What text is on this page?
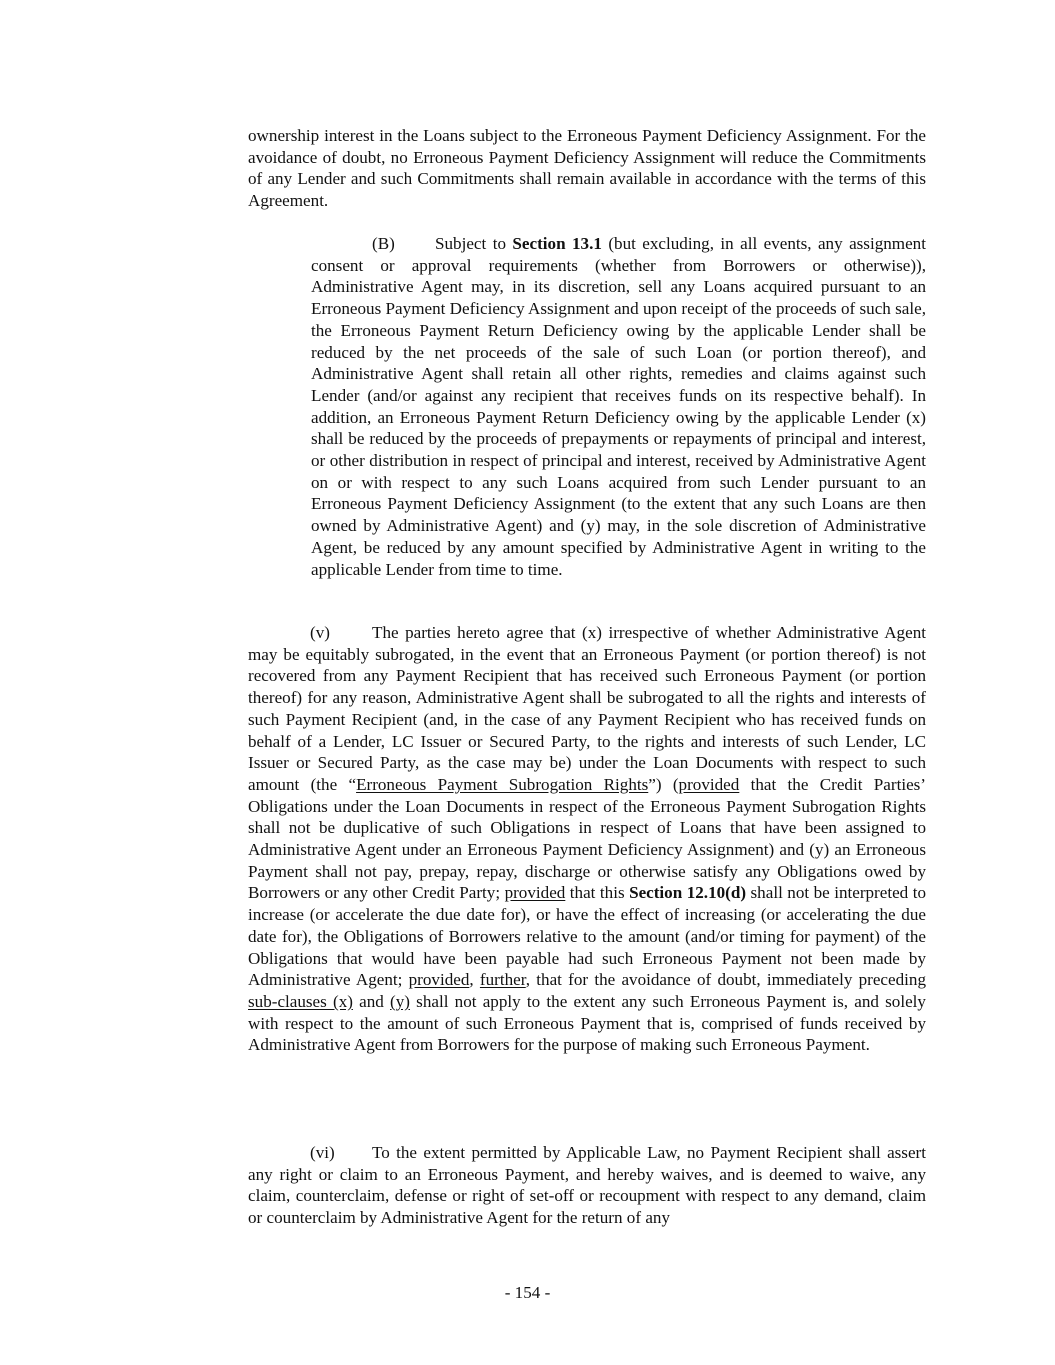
ownership interest in the Loans subject to the Erroneous Payment Deficiency Assignment. For the avoidance of doubt, no Erroneous Payment Deficiency Assignment will reduce the Commitments of any Lender and such Commitments shall remain available in accordance with the terms of this Agreement.

(B) Subject to Section 13.1 (but excluding, in all events, any assignment consent or approval requirements (whether from Borrowers or otherwise)), Administrative Agent may, in its discretion, sell any Loans acquired pursuant to an Erroneous Payment Deficiency Assignment and upon receipt of the proceeds of such sale, the Erroneous Payment Return Deficiency owing by the applicable Lender shall be reduced by the net proceeds of the sale of such Loan (or portion thereof), and Administrative Agent shall retain all other rights, remedies and claims against such Lender (and/or against any recipient that receives funds on its respective behalf). In addition, an Erroneous Payment Return Deficiency owing by the applicable Lender (x) shall be reduced by the proceeds of prepayments or repayments of principal and interest, or other distribution in respect of principal and interest, received by Administrative Agent on or with respect to any such Loans acquired from such Lender pursuant to an Erroneous Payment Deficiency Assignment (to the extent that any such Loans are then owned by Administrative Agent) and (y) may, in the sole discretion of Administrative Agent, be reduced by any amount specified by Administrative Agent in writing to the applicable Lender from time to time.

(v) The parties hereto agree that (x) irrespective of whether Administrative Agent may be equitably subrogated, in the event that an Erroneous Payment (or portion thereof) is not recovered from any Payment Recipient that has received such Erroneous Payment (or portion thereof) for any reason, Administrative Agent shall be subrogated to all the rights and interests of such Payment Recipient (and, in the case of any Payment Recipient who has received funds on behalf of a Lender, LC Issuer or Secured Party, to the rights and interests of such Lender, LC Issuer or Secured Party, as the case may be) under the Loan Documents with respect to such amount (the “Erroneous Payment Subrogation Rights”) (provided that the Credit Parties’ Obligations under the Loan Documents in respect of the Erroneous Payment Subrogation Rights shall not be duplicative of such Obligations in respect of Loans that have been assigned to Administrative Agent under an Erroneous Payment Deficiency Assignment) and (y) an Erroneous Payment shall not pay, prepay, repay, discharge or otherwise satisfy any Obligations owed by Borrowers or any other Credit Party; provided that this Section 12.10(d) shall not be interpreted to increase (or accelerate the due date for), or have the effect of increasing (or accelerating the due date for), the Obligations of Borrowers relative to the amount (and/or timing for payment) of the Obligations that would have been payable had such Erroneous Payment not been made by Administrative Agent; provided, further, that for the avoidance of doubt, immediately preceding sub-clauses (x) and (y) shall not apply to the extent any such Erroneous Payment is, and solely with respect to the amount of such Erroneous Payment that is, comprised of funds received by Administrative Agent from Borrowers for the purpose of making such Erroneous Payment.

(vi) To the extent permitted by Applicable Law, no Payment Recipient shall assert any right or claim to an Erroneous Payment, and hereby waives, and is deemed to waive, any claim, counterclaim, defense or right of set-off or recoupment with respect to any demand, claim or counterclaim by Administrative Agent for the return of any

- 154 -
